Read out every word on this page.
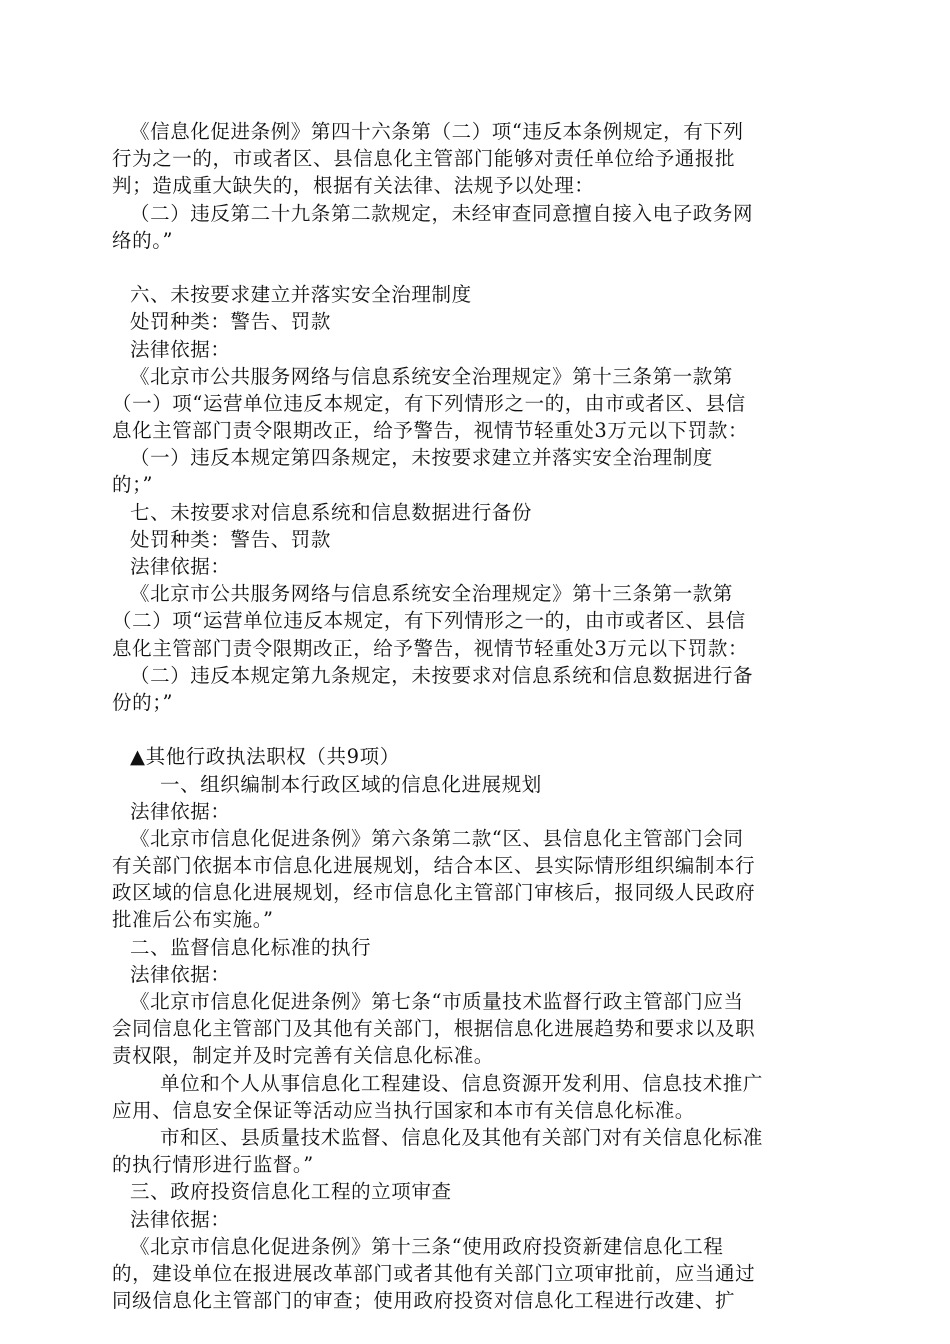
《信息化促进条例》第四十六条第（二）项“违反本条例规定，有下列
行为之一的，市或者区、县信息化主管部门能够对责任单位给予通报批
判；造成重大缺失的，根据有关法律、法规予以处理：
（二）违反第二十九条第二款规定，未经审查同意擅自接入电子政务网
络的。”
六、未按要求建立并落实安全治理制度
处罚种类：警告、罚款
法律依据：
《北京市公共服务网络与信息系统安全治理规定》第十三条第一款第
（一）项“运营单位违反本规定，有下列情形之一的，由市或者区、县信
息化主管部门责令限期改正，给予警告，视情节轻重处3万元以下罚款：
（一）违反本规定第四条规定，未按要求建立并落实安全治理制度
的；”
七、未按要求对信息系统和信息数据进行备份
处罚种类：警告、罚款
法律依据：
《北京市公共服务网络与信息系统安全治理规定》第十三条第一款第
（二）项“运营单位违反本规定，有下列情形之一的，由市或者区、县信
息化主管部门责令限期改正，给予警告，视情节轻重处3万元以下罚款：
（二）违反本规定第九条规定，未按要求对信息系统和信息数据进行备
份的；”
▲其他行政执法职权（共9项）
一、组织编制本行政区域的信息化进展规划
法律依据：
《北京市信息化促进条例》第六条第二款“区、县信息化主管部门会同
有关部门依据本市信息化进展规划，结合本区、县实际情形组织编制本行
政区域的信息化进展规划，经市信息化主管部门审核后，报同级人民政府
批准后公布实施。”
二、监督信息化标准的执行
法律依据：
《北京市信息化促进条例》第七条“市质量技术监督行政主管部门应当
会同信息化主管部门及其他有关部门，根据信息化进展趋势和要求以及职
责权限，制定并及时完善有关信息化标准。
单位和个人从事信息化工程建设、信息资源开发利用、信息技术推广
应用、信息安全保证等活动应当执行国家和本市有关信息化标准。
市和区、县质量技术监督、信息化及其他有关部门对有关信息化标准
的执行情形进行监督。”
三、政府投资信息化工程的立项审查
法律依据：
《北京市信息化促进条例》第十三条“使用政府投资新建信息化工程
的，建设单位在报进展改革部门或者其他有关部门立项审批前，应当通过
同级信息化主管部门的审查；使用政府投资对信息化工程进行改建、扩
